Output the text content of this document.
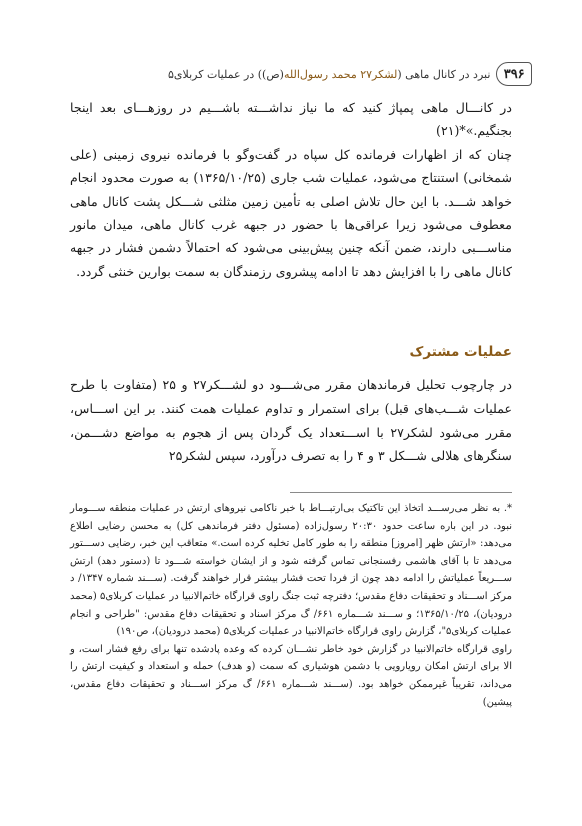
نبرد در کانال ماهی (لشکر۲۷ محمد رسول‌الله(ص)) در عملیات کربلای۵	۳۹۶

در کانـــال ماهی پمپاژ کنید که ما نیاز نداشـــته باشـــیم در روزهـــای بعد اینجا بجنگیم.»*(۲۱)

چنان که از اظهارات فرمانده کل سپاه در گفت‌وگو با فرمانده نیروی زمینی (علی شمخانی) استنتاج می‌شود، عملیات شب جاری (۱۳۶۵/۱۰/۲۵) به صورت محدود انجام خواهد شـــد. با این حال تلاش اصلی به تأمین زمین مثلثی شـــکل پشت کانال ماهی معطوف می‌شود زیرا عراقی‌ها با حضور در جبهه غرب کانال ماهی، میدان مانور مناســـبی دارند، ضمن آنکه چنین پیش‌بینی می‌شود که احتمالاً دشمن فشار در جبهه کانال ماهی را با افزایش دهد تا ادامه پیشروی رزمندگان به سمت بوارین خنثی گردد.

عملیات مشترک

در چارچوب تحلیل فرماندهان مقرر می‌شـــود دو لشـــکر۲۷ و ۲۵ (متفاوت با طرح عملیات شـــب‌های قبل) برای استمرار و تداوم عملیات همت کنند. بر این اســـاس، مقرر می‌شود لشکر۲۷ با اســـتعداد یک گردان پس از هجوم به مواضع دشـــمن، سنگرهای هلالی شـــکل ۳ و ۴ را به تصرف درآورد، سپس لشکر۲۵

*. به نظر می‌رســـد اتخاذ این تاکتیک بی‌ارتبـــاط با خبر ناکامی نیروهای ارتش در عملیات منطقه ســـومار نبود. در این باره ساعت حدود ۲۰:۳۰ رسول‌زاده (مسئول دفتر فرماندهی کل) به محسن رضایی اطلاع می‌دهد: «ارتش ظهر [امروز] منطقه را به طور کامل تخلیه کرده است.» متعاقب این خبر، رضایی دســـتور می‌دهد تا با آقای هاشمی رفسنجانی تماس گرفته شود و از ایشان خواسته شـــود تا (دستور دهد) ارتش ســـریعاً عملیاتش را ادامه دهد چون از فردا تحت فشار بیشتر قرار خواهند گرفت. (ســـند شماره ۱۳۴۷/ د مرکز اســـناد و تحقیقات دفاع مقدس؛ دفترچه ثبت جنگ راوی قرارگاه خاتم‌الانبیا در عملیات کربلای۵ (محمد درودیان)، ۱۳۶۵/۱۰/۲۵؛ و ســـند شـــماره ۶۶۱/ گ مرکز اسناد و تحقیقات دفاع مقدس: "طراحی و انجام عملیات کربلای۵"، گزارش راوی قرارگاه خاتم‌الانبیا در عملیات کربلای۵ (محمد درودیان)، ص۱۹۰)

راوی قرارگاه خاتم‌الانبیا در گزارش خود خاطر نشـــان کرده که وعده پادشده تنها برای رفع فشار است، و الا برای ارتش امکان رویارویی با دشمن هوشیاری که سمت (و هدف) حمله و استعداد و کیفیت ارتش را می‌داند، تقریباً غیرممکن خواهد بود. (ســـند شـــماره ۶۶۱/ گ مرکز اســـناد و تحقیقات دفاع مقدس، پیشین)
